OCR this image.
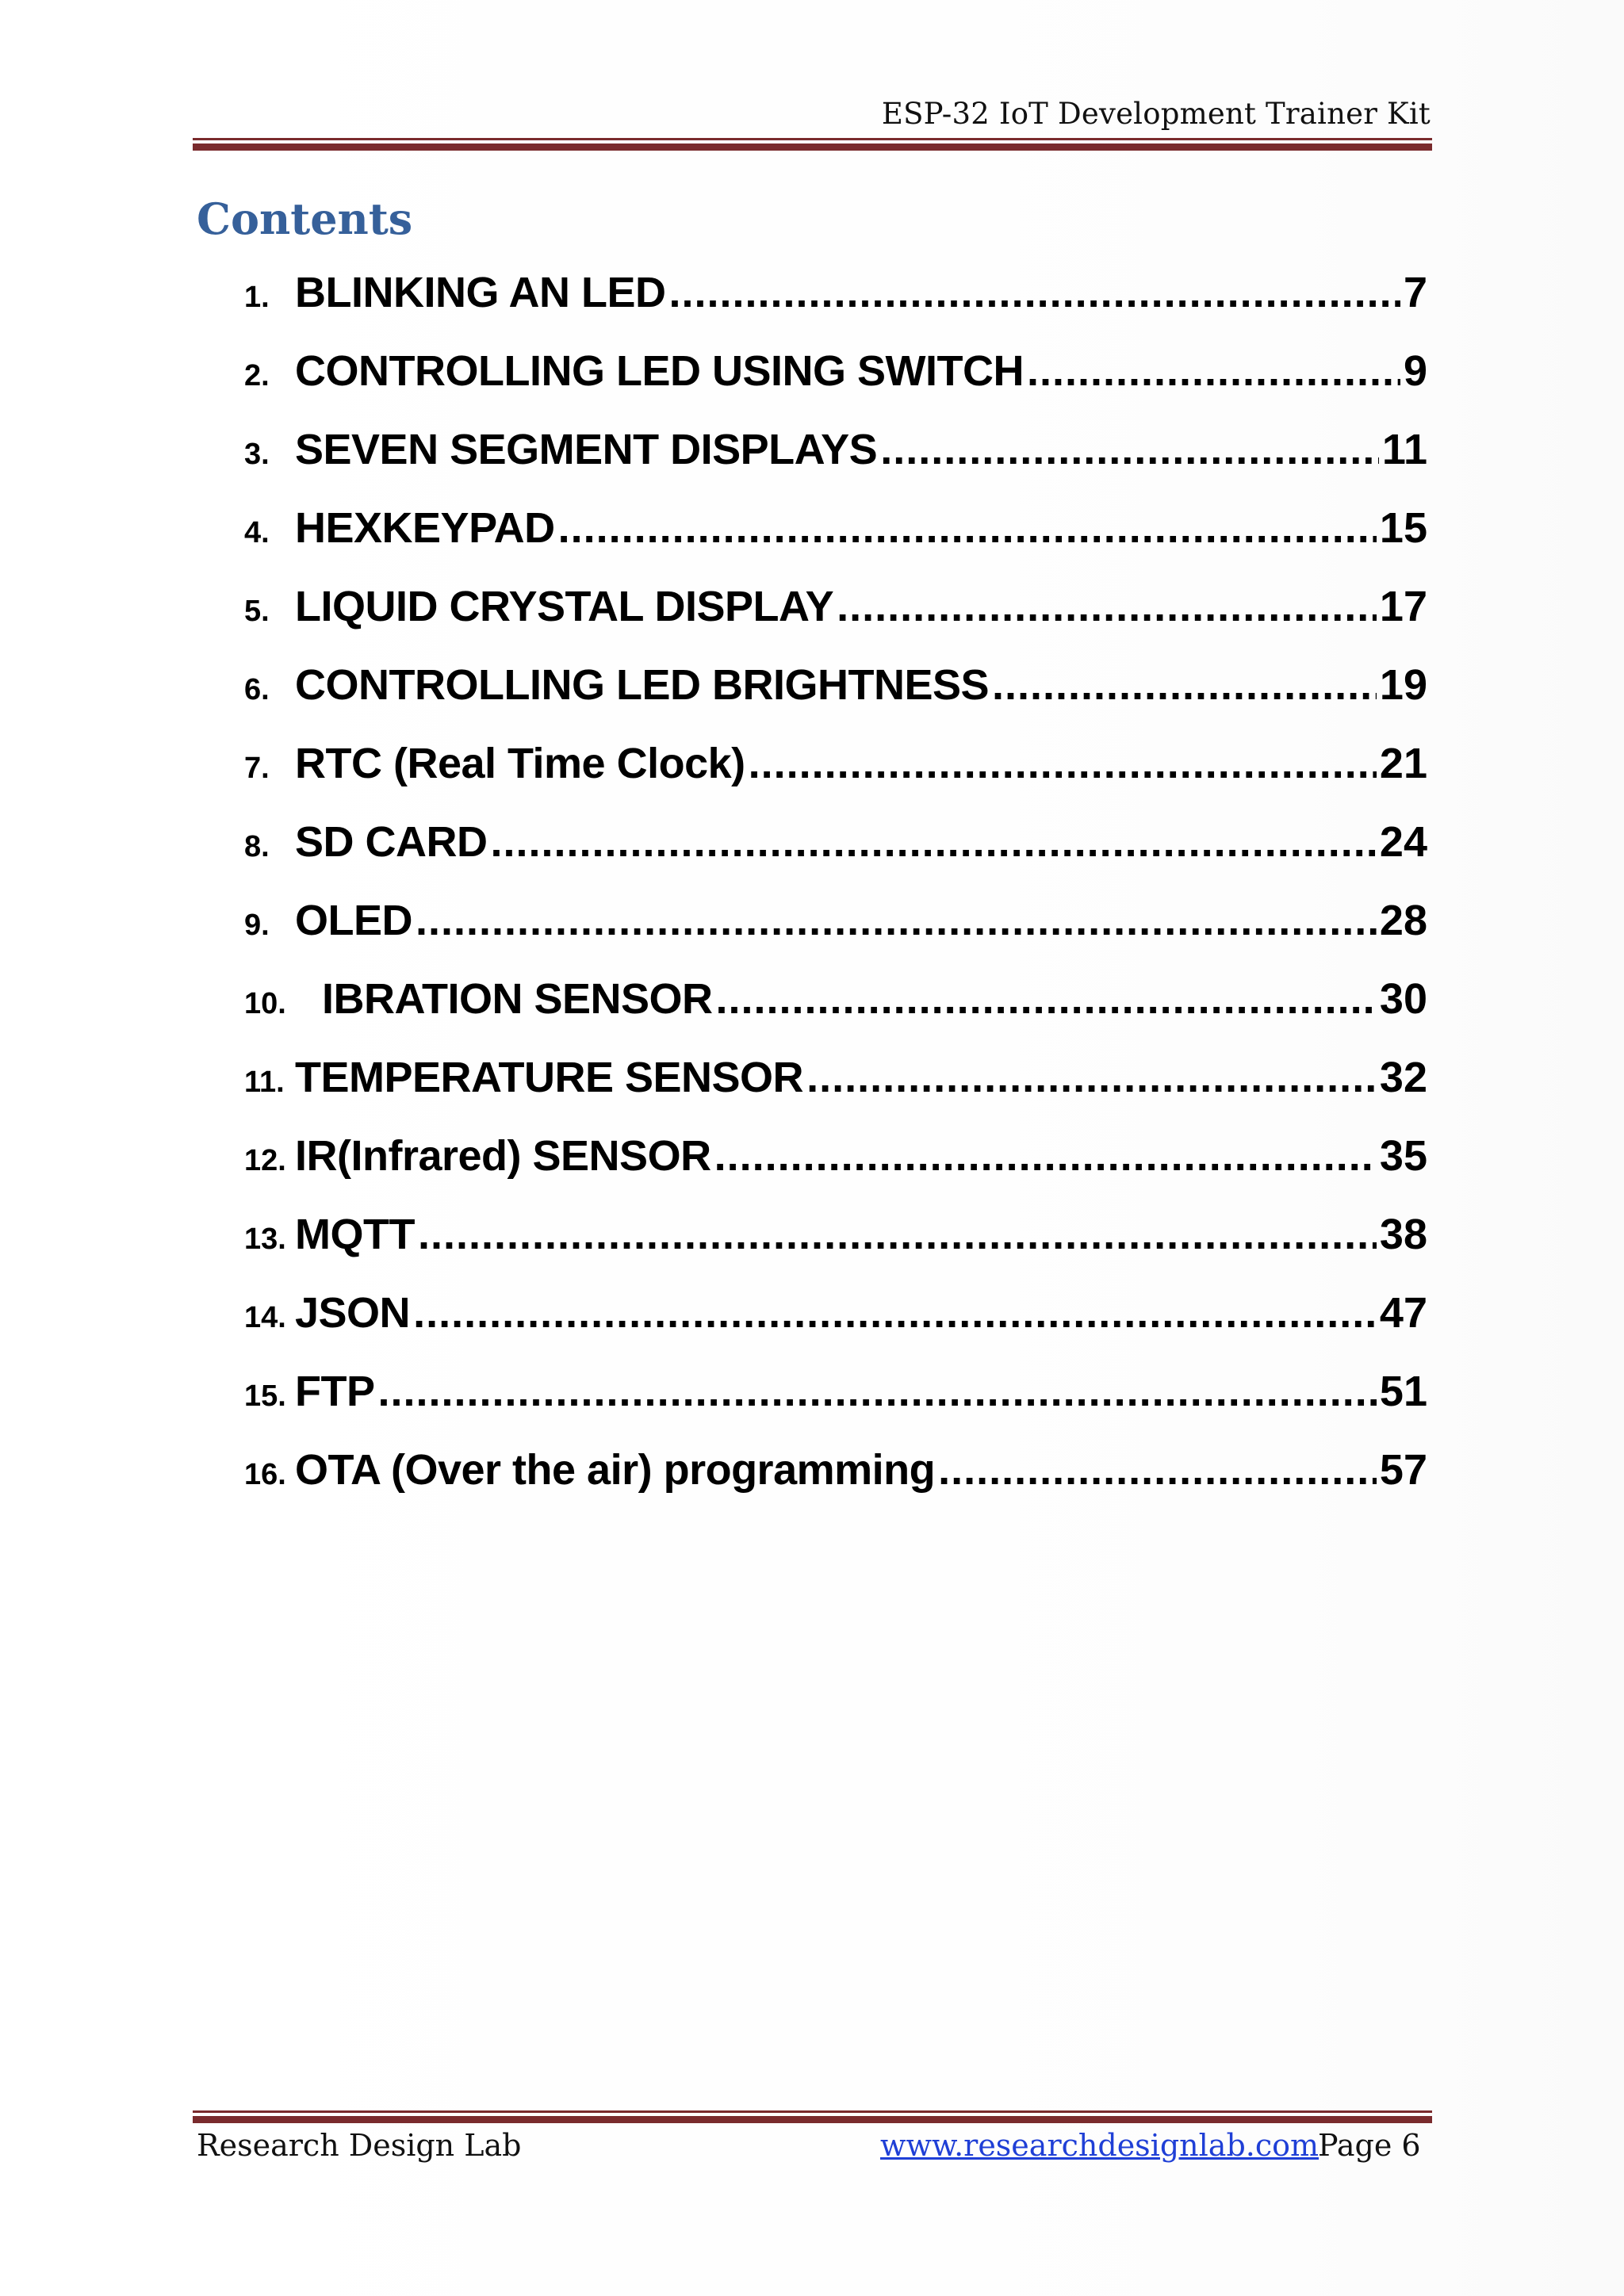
ESP-32 IoT Development Trainer Kit
Contents
1. BLINKING AN LED .....	7
2. CONTROLLING LED USING SWITCH .....	9
3. SEVEN SEGMENT DISPLAYS .....	11
4. HEXKEYPAD .....	15
5. LIQUID CRYSTAL DISPLAY .....	17
6. CONTROLLING LED BRIGHTNESS .....	19
7. RTC (Real Time Clock) .....	21
8. SD CARD .....	24
9. OLED .....	28
10. IBRATION SENSOR .....	30
11. TEMPERATURE SENSOR .....	32
12. IR(Infrared) SENSOR .....	35
13. MQTT .....	38
14. JSON .....	47
15. FTP .....	51
16. OTA (Over the air) programming .....	57
Research Design Lab	www.researchdesignlab.com
Page 6
